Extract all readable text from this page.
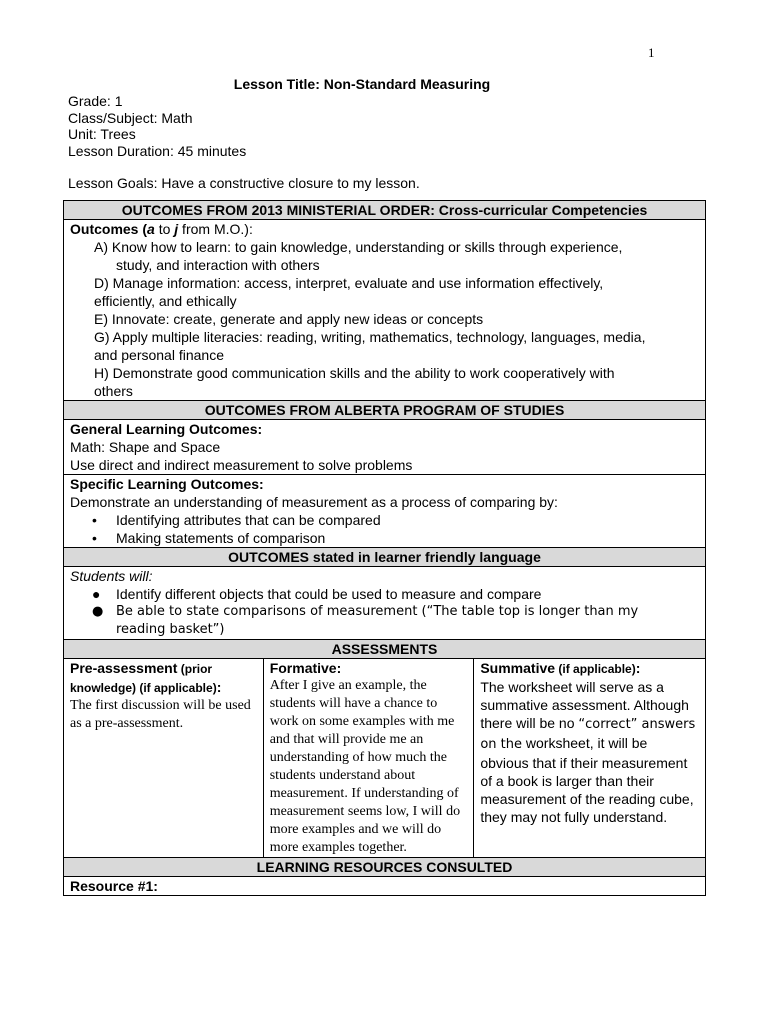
1
Lesson Title: Non-Standard Measuring
Grade: 1
Class/Subject: Math
Unit: Trees
Lesson Duration: 45 minutes
Lesson Goals: Have a constructive closure to my lesson.
OUTCOMES FROM 2013 MINISTERIAL ORDER: Cross-curricular Competencies

Outcomes (a to j from M.O.):
A) Know how to learn: to gain knowledge, understanding or skills through experience,
study, and interaction with others
D) Manage information: access, interpret, evaluate and use information effectively,
efficiently, and ethically
E) Innovate: create, generate and apply new ideas or concepts
G) Apply multiple literacies: reading, writing, mathematics, technology, languages, media,
and personal finance
H) Demonstrate good communication skills and the ability to work cooperatively with
others

OUTCOMES FROM ALBERTA PROGRAM OF STUDIES

General Learning Outcomes:
Math: Shape and Space
Use direct and indirect measurement to solve problems

Specific Learning Outcomes:
Demonstrate an understanding of measurement as a process of comparing by:
• Identifying attributes that can be compared
• Making statements of comparison

OUTCOMES stated in learner friendly language

Students will:
● Identify different objects that could be used to measure and compare
● Be able to state comparisons of measurement (“The table top is longer than my
reading basket”)

ASSESSMENTS

Pre-assessment (prior knowledge) (if applicable):
The first discussion will be used as a pre-assessment.

Formative:
After I give an example, the students will have a chance to work on some examples with me and that will provide me an understanding of how much the students understand about measurement. If understanding of measurement seems low, I will do more examples and we will do more examples together.

Summative (if applicable):
The worksheet will serve as a summative assessment. Although there will be no “correct” answers on the worksheet, it will be obvious that if their measurement of a book is larger than their measurement of the reading cube, they may not fully understand.

LEARNING RESOURCES CONSULTED
Resource #1:
